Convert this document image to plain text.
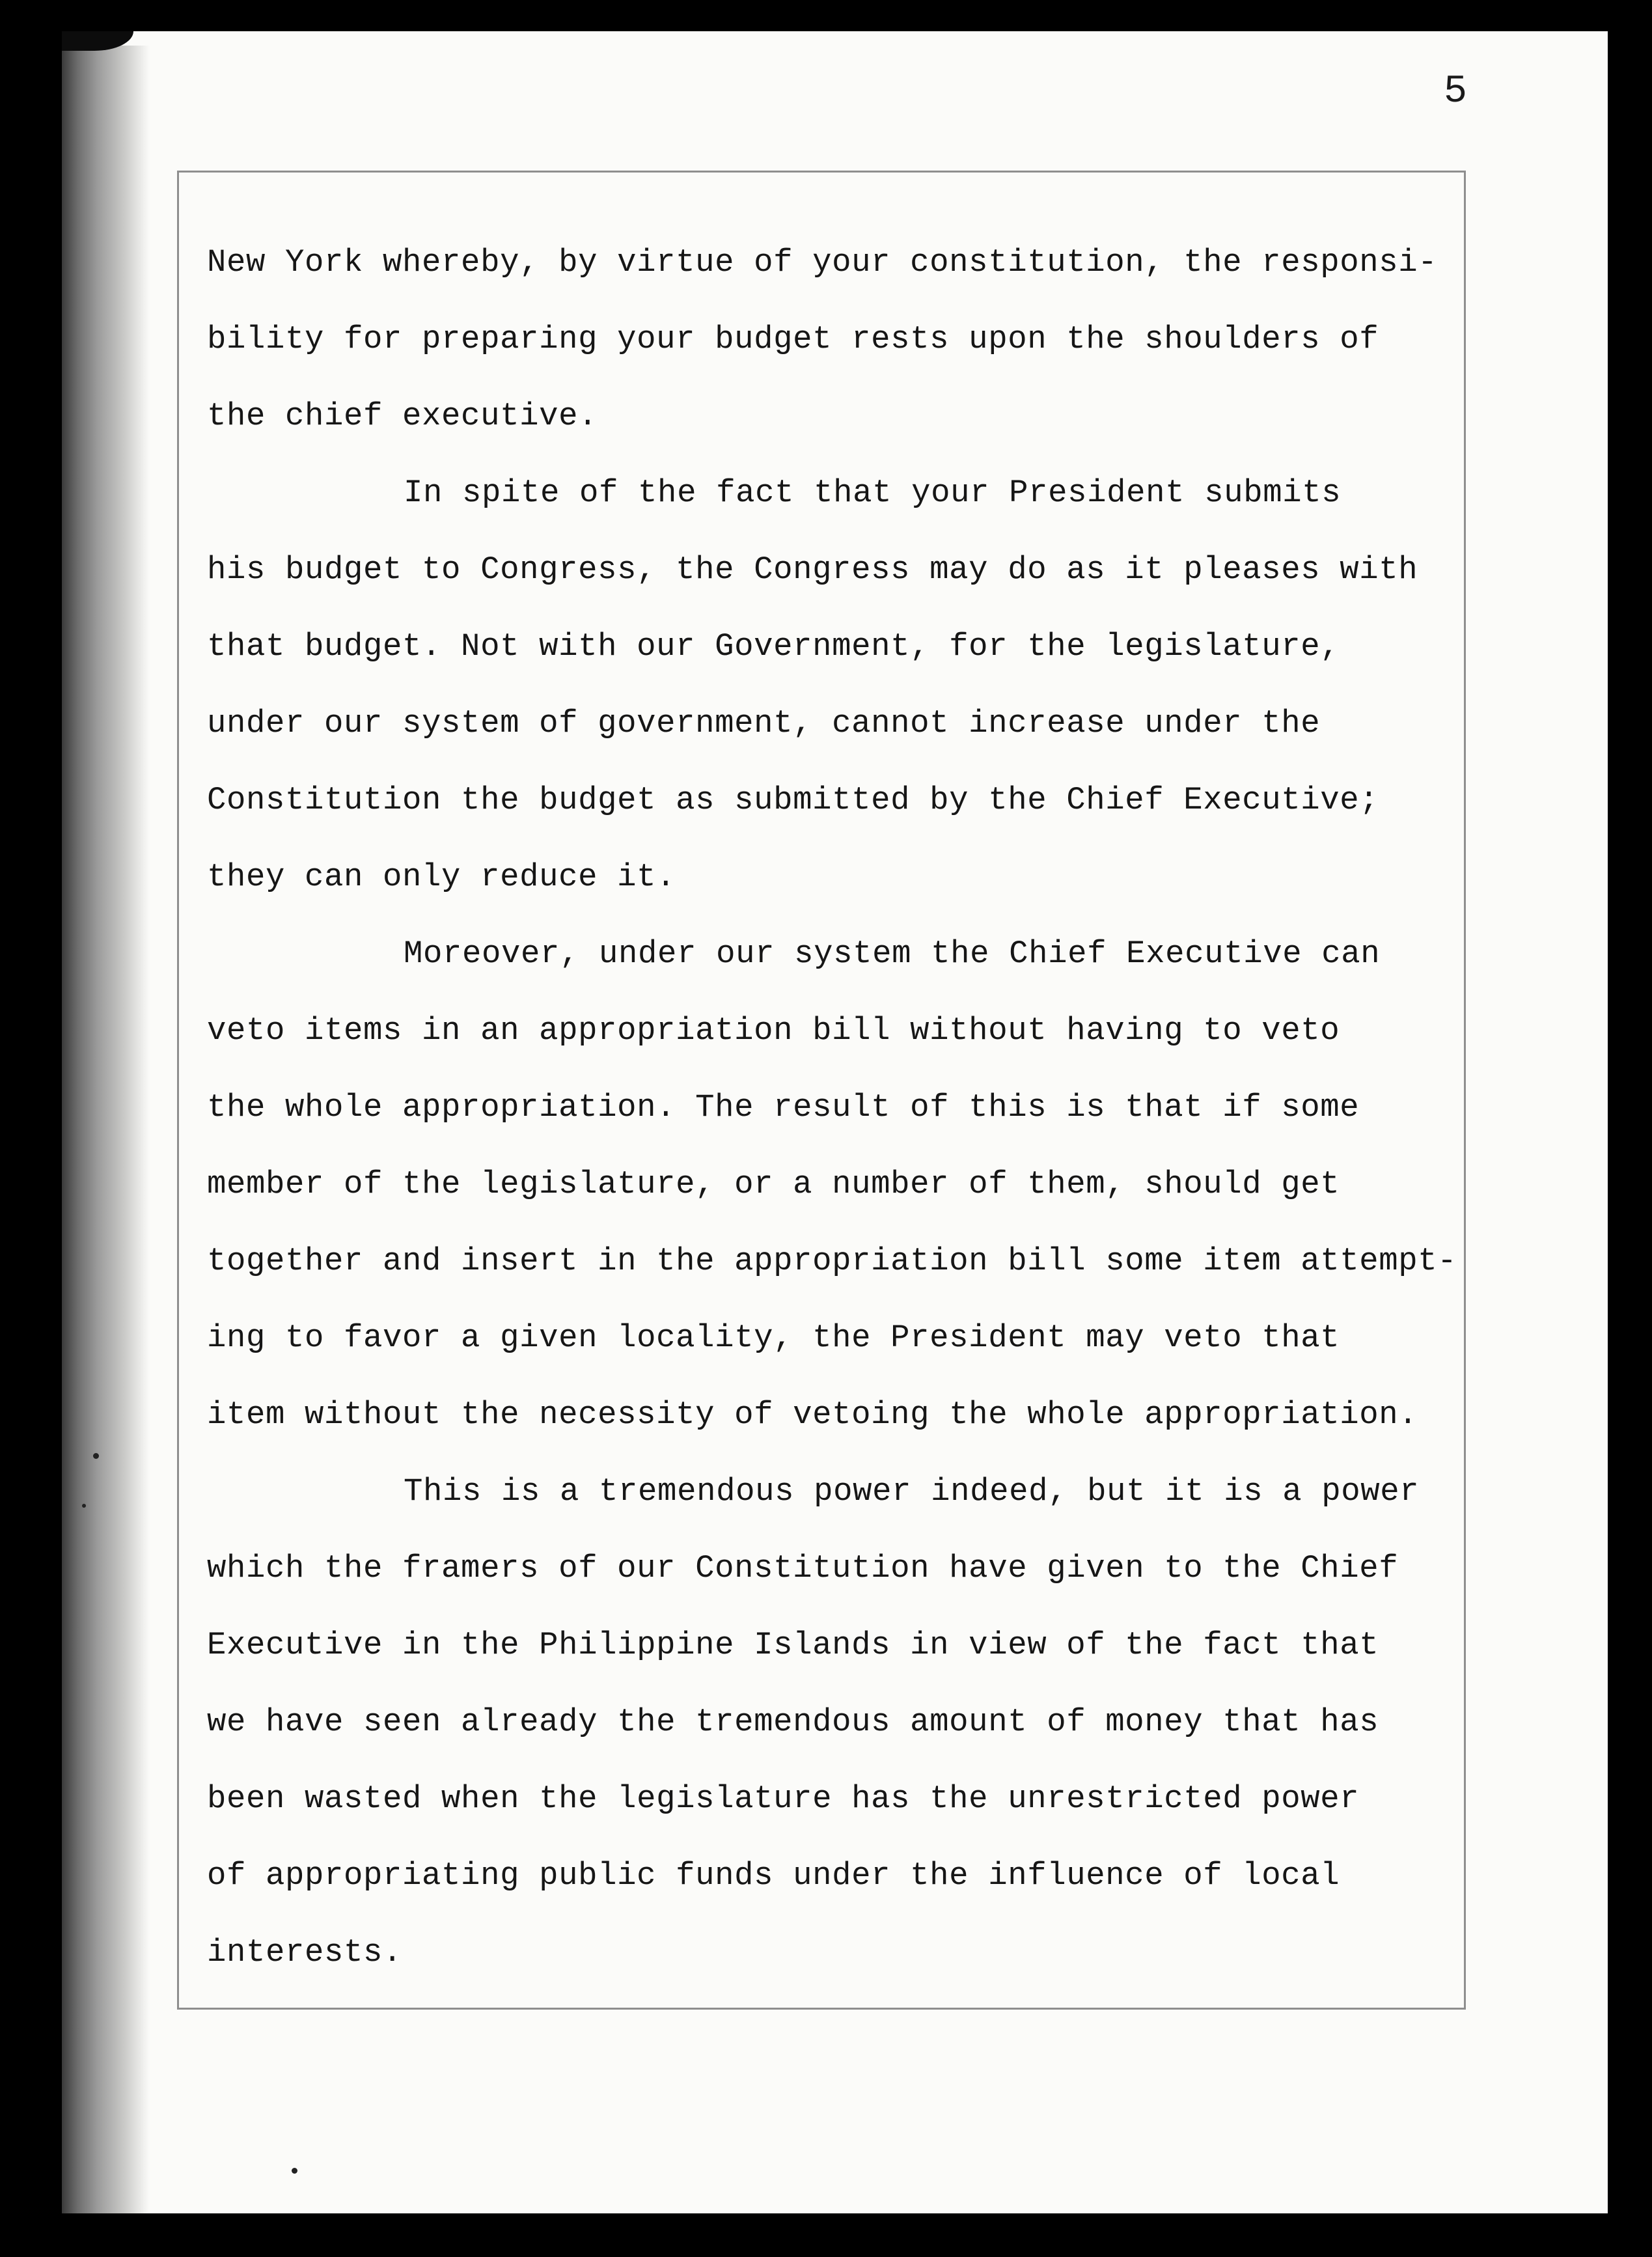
5
New York whereby, by virtue of your constitution, the responsi-
bility for preparing your budget rests upon the shoulders of
the chief executive.
In spite of the fact that your President submits
his budget to Congress, the Congress may do as it pleases with
that budget. Not with our Government, for the legislature,
under our system of government, cannot increase under the
Constitution the budget as submitted by the Chief Executive;
they can only reduce it.
Moreover, under our system the Chief Executive can
veto items in an appropriation bill without having to veto
the whole appropriation. The result of this is that if some
member of the legislature, or a number of them, should get
together and insert in the appropriation bill some item attempt-
ing to favor a given locality, the President may veto that
item without the necessity of vetoing the whole appropriation.
This is a tremendous power indeed, but it is a power
which the framers of our Constitution have given to the Chief
Executive in the Philippine Islands in view of the fact that
we have seen already the tremendous amount of money that has
been wasted when the legislature has the unrestricted power
of appropriating public funds under the influence of local
interests.
